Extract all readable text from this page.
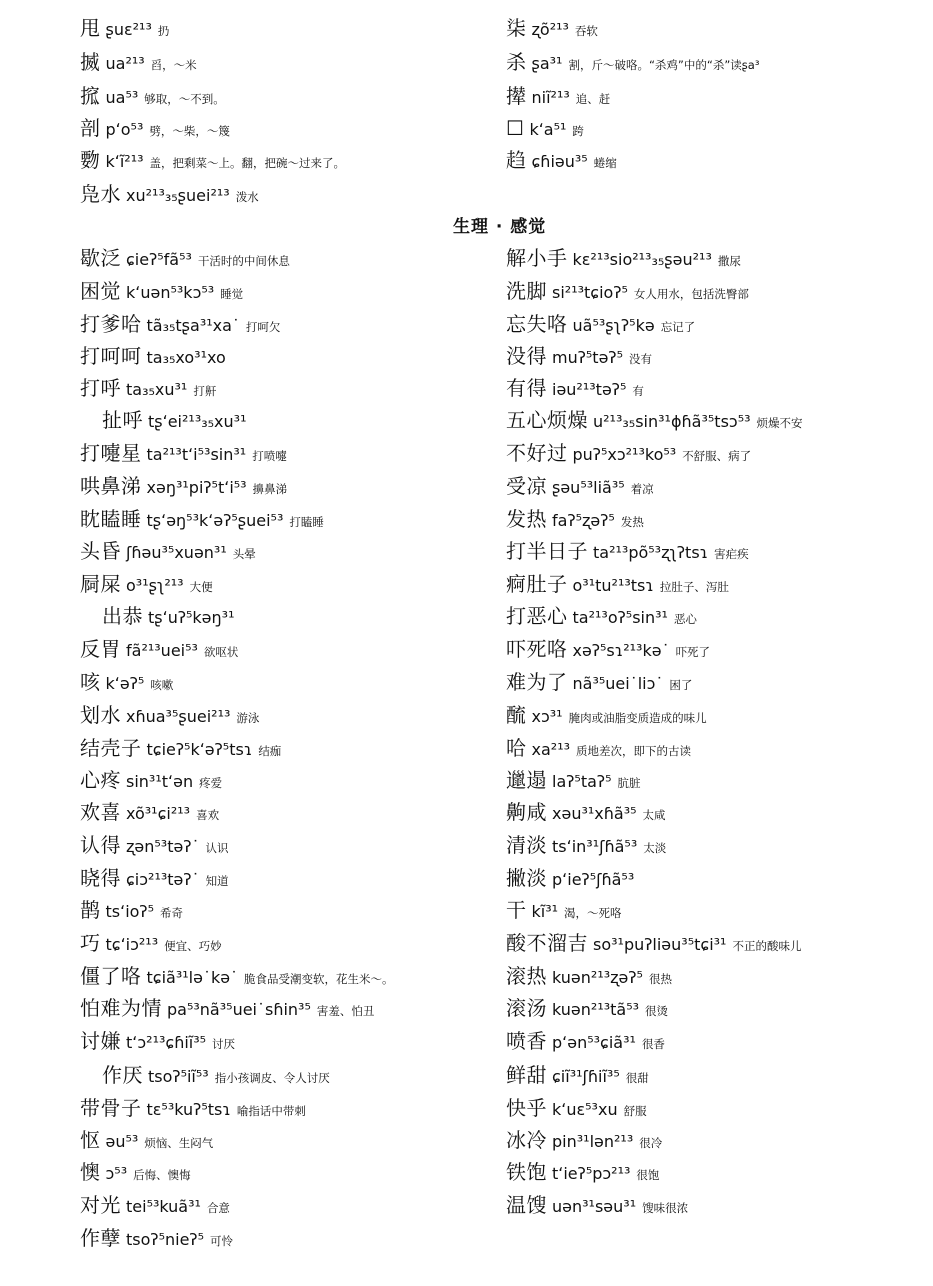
甩 ʂuɛ²¹³ 扔
揻 ua²¹³ 舀，～米
搲 ua⁵³ 够取，～不到。
剖 pʻo⁵³ 劈，～柴，～篾
覅 kʻĩ²¹³ 盖，把剩菜～上。翻，把碗～过来了。
凫水 xu²¹³₃₅ʂuei²¹³ 泼水
歇泛 ɕieʔ⁵fã⁵³ 干活时的中间休息
困觉 kʻuən⁵³kɔ⁵³ 睡觉
打爹哈 tã₃₅tʂa³¹xa˙ 打呵欠
打呵呵 ta₃₅xo³¹xo
打呼 ta₃₅xu³¹ 打鼾
扯呼 tʂʻei²¹³₃₅xu³¹
打嚏星 ta²¹³tʻi⁵³sin³¹ 打喷嚏
哄鼻涕 xəŋ³¹piʔ⁵tʻi⁵³ 擤鼻涕
眈瞌睡 tʂʻəŋ⁵³kʻəʔ⁵ʂuei⁵³ 打瞌睡
头昏 ʃɦəu³⁵xuən³¹ 头晕
屙屎 o³¹ʂʅ²¹³ 大便
出恭 tʂʻuʔ⁵kəŋ³¹
反胃 fã²¹³uei⁵³ 欲呕状
咳 kʻəʔ⁵ 咳嗽
划水 xɦua³⁵ʂuei²¹³ 游泳
结壳子 tɕieʔ⁵kʻəʔ⁵tsɿ 结痂
心疼 sin³¹tʻən 疼爱
欢喜 xõ³¹ɕi²¹³ 喜欢
认得 ʐən⁵³təʔ˙ 认识
晓得 ɕiɔ²¹³təʔ˙ 知道
鹊 tsʻioʔ⁵ 希奇
巧 tɕʻiɔ²¹³ 便宜、巧妙
僵了咯 tɕiã³¹lə˙kə˙ 脆食品受潮变软，花生米～。
怕难为情 pa⁵³nã³⁵uei˙sɦin³⁵ 害羞、怕丑
讨嫌 tʻɔ²¹³ɕɦiĩ³⁵ 讨厌
作厌 tsoʔ⁵iĩ⁵³ 指小孩调皮、令人讨厌
带骨子 tɛ⁵³kuʔ⁵tsɿ 喻指话中带刺
怄 əu⁵³ 烦恼、生闷气
懊 ɔ⁵³ 后悔、懊悔
对光 tei⁵³kuã³¹ 合意
作孽 tsoʔ⁵nieʔ⁵ 可怜
生理 · 感觉
柒 ʐõ²¹³ 吞软
杀 ʂa³¹ 割，斤～破咯。“杀鸡”中的“杀”读ʂa³
撵 niĩ²¹³ 追、赶
☐ kʻa⁵¹ 跨
趋 ɕɦiəu³⁵ 蜷缩
解小手 kɛ²¹³sio²¹³₃₅ʂəu²¹³ 撒尿
洗脚 si²¹³tɕioʔ⁵ 女人用水，包括洗臀部
忘失咯 uã⁵³ʂʅʔ⁵kə 忘记了
没得 muʔ⁵təʔ⁵ 没有
有得 iəu²¹³təʔ⁵ 有
五心烦燥 u²¹³₃₅sin³¹ɸɦã³⁵tsɔ⁵³ 烦燥不安
不好过 puʔ⁵xɔ²¹³ko⁵³ 不舒服、病了
受凉 ʂəu⁵³liã³⁵ 着凉
发热 faʔ⁵ʐəʔ⁵ 发热
打半日子 ta²¹³põ⁵³ʐʅʔtsɿ 害疟疾
痾肚子 o³¹tu²¹³tsɿ 拉肚子、泻肚
打恶心 ta²¹³oʔ⁵sin³¹ 恶心
吓死咯 xəʔ⁵sɿ²¹³kə˙ 吓死了
难为了 nã³⁵uei˙liɔ˙ 困了
酼 xɔ³¹ 腌肉或油脂变质造成的味儿
哈 xa²¹³ 质地差次，即下的古读
邋遢 laʔ⁵taʔ⁵ 肮脏
齁咸 xəu³¹xɦã³⁵ 太咸
清淡 tsʻin³¹ʃɦã⁵³ 太淡
撇淡 pʻieʔ⁵ʃɦã⁵³
干 kĩ³¹ 渴，～死咯
酸不溜吉 so³¹puʔliəu³⁵tɕi³¹ 不正的酸味儿
滚热 kuən²¹³ʐəʔ⁵ 很热
滚汤 kuən²¹³tã⁵³ 很烫
喷香 pʻən⁵³ɕiã³¹ 很香
鲜甜 ɕiĩ³¹ʃɦiĩ³⁵ 很甜
快乎 kʻuɛ⁵³xu 舒服
冰冷 pin³¹lən²¹³ 很冷
铁饱 tʻieʔ⁵pɔ²¹³ 很饱
温馊 uən³¹səu³¹ 馊味很浓
